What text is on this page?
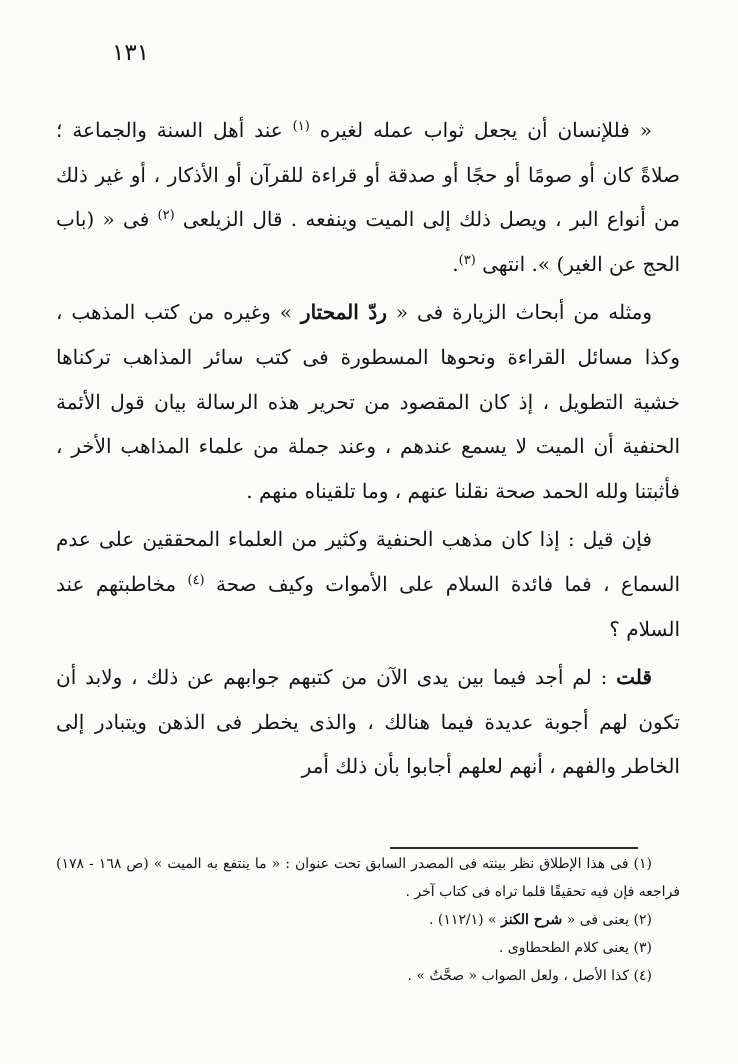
١٣١

« فللإنسان أن يجعل ثواب عمله لغيره $^{(١)}$ عند أهل السنة والجماعة ؛ صلاةً كان أو صومًا أو حجًا أو صدقة أو قراءة للقرآن أو الأذكار ، أو غير ذلك من أنواع البر ، ويصل ذلك إلى الميت وينفعه . قال الزيلعى $^{(٢)}$ فى « (باب الحج عن الغير) ». انتهى $^{(٣)}$.

ومثله من أبحاث الزيارة فى « ردّ المحتار » وغيره من كتب المذهب ، وكذا مسائل القراءة ونحوها المسطورة فى كتب سائر المذاهب تركناها خشية التطويل ، إذ كان المقصود من تحرير هذه الرسالة بيان قول الأئمة الحنفية أن الميت لا يسمع عندهم ، وعند جملة من علماء المذاهب الأخر ، فأثبتنا ولله الحمد صحة نقلنا عنهم ، وما تلقيناه منهم .

فإن قيل : إذا كان مذهب الحنفية وكثير من العلماء المحققين على عدم السماع ، فما فائدة السلام على الأموات وكيف صحة $^{(٤)}$ مخاطبتهم عند السلام ؟

قلت : لم أجد فيما بين يدى الآن من كتبهم جوابهم عن ذلك ، ولابد أن تكون لهم أجوبة عديدة فيما هنالك ، والذى يخطر فى الذهن ويتبادر إلى الخاطر والفهم ، أنهم لعلهم أجابوا بأن ذلك أمر

(١) فى هذا الإطلاق نظر بينته فى المصدر السابق تحت عنوان : « ما ينتفع به الميت » (ص ١٦٨ - ١٧٨) فراجعه فإن فيه تحقيقًا قلما تراه فى كتاب آخر .

(٢) يعنى فى « شرح الكنز » (١١٢/١) .

(٣) يعنى كلام الطحطاوى .

(٤) كذا الأصل ، ولعل الصواب « صحَّتُ » .
